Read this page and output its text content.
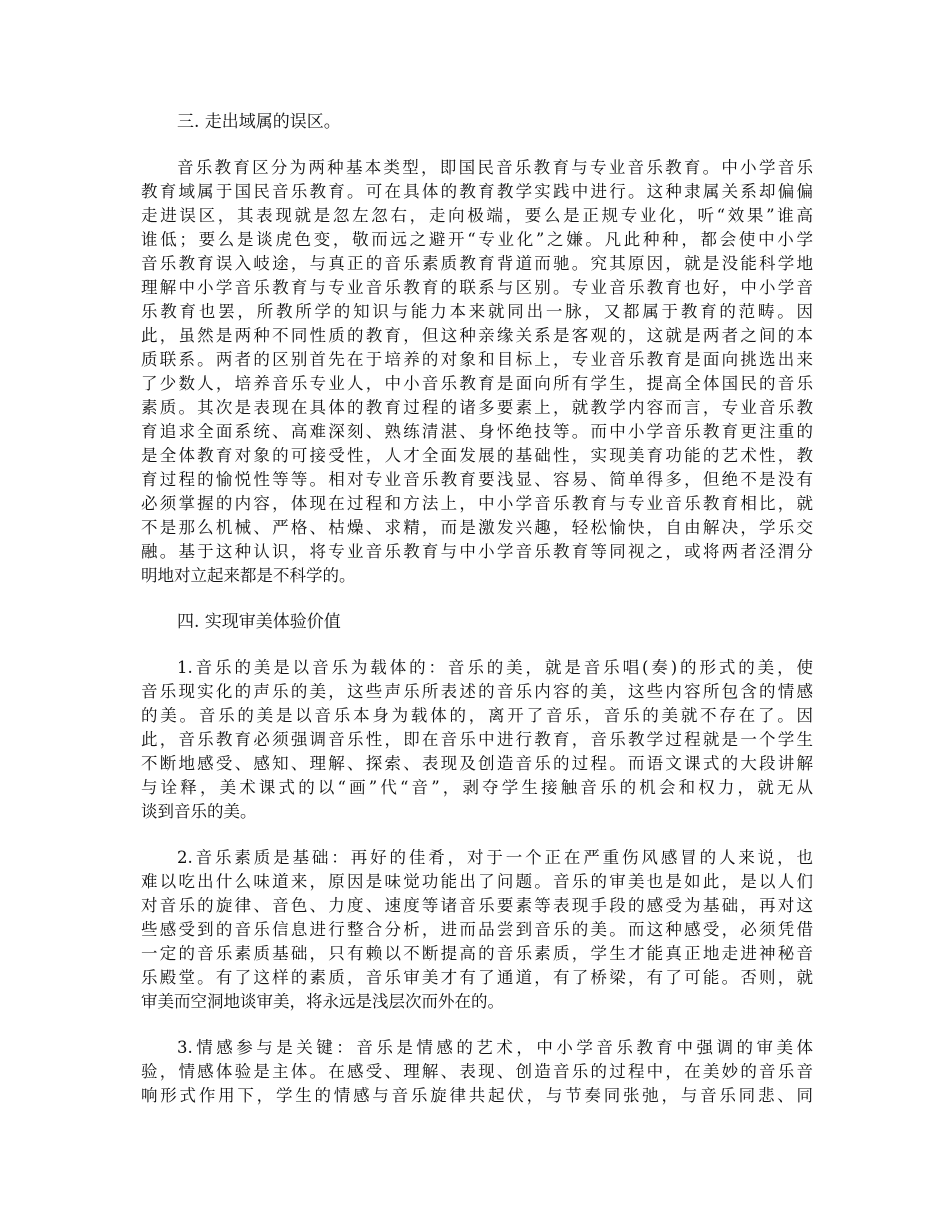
三. 走出域属的误区。

音乐教育区分为两种基本类型，即国民音乐教育与专业音乐教育。中小学音乐
教育域属于国民音乐教育。可在具体的教育教学实践中进行。这种隶属关系却偏偏
走进误区，其表现就是忽左忽右，走向极端，要么是正规专业化，听“效果”谁高
谁低；要么是谈虎色变，敬而远之避开“专业化”之嫌。凡此种种，都会使中小学
音乐教育误入岐途，与真正的音乐素质教育背道而驰。究其原因，就是没能科学地
理解中小学音乐教育与专业音乐教育的联系与区别。专业音乐教育也好，中小学音
乐教育也罢，所教所学的知识与能力本来就同出一脉，又都属于教育的范畴。因
此，虽然是两种不同性质的教育，但这种亲缘关系是客观的，这就是两者之间的本
质联系。两者的区别首先在于培养的对象和目标上，专业音乐教育是面向挑选出来
了少数人，培养音乐专业人，中小音乐教育是面向所有学生，提高全体国民的音乐
素质。其次是表现在具体的教育过程的诸多要素上，就教学内容而言，专业音乐教
育追求全面系统、高难深刻、熟练清湛、身怀绝技等。而中小学音乐教育更注重的
是全体教育对象的可接受性，人才全面发展的基础性，实现美育功能的艺术性，教
育过程的愉悦性等等。相对专业音乐教育要浅显、容易、简单得多，但绝不是没有
必须掌握的内容，体现在过程和方法上，中小学音乐教育与专业音乐教育相比，就
不是那么机械、严格、枯燥、求精，而是激发兴趣，轻松愉快，自由解决，学乐交
融。基于这种认识，将专业音乐教育与中小学音乐教育等同视之，或将两者泾渭分
明地对立起来都是不科学的。

四. 实现审美体验价值

1.音乐的美是以音乐为载体的：音乐的美，就是音乐唱(奏)的形式的美，使
音乐现实化的声乐的美，这些声乐所表述的音乐内容的美，这些内容所包含的情感
的美。音乐的美是以音乐本身为载体的，离开了音乐，音乐的美就不存在了。因
此，音乐教育必须强调音乐性，即在音乐中进行教育，音乐教学过程就是一个学生
不断地感受、感知、理解、探索、表现及创造音乐的过程。而语文课式的大段讲解
与诠释，美术课式的以“画”代“音”，剥夺学生接触音乐的机会和权力，就无从
谈到音乐的美。

2.音乐素质是基础：再好的佳肴，对于一个正在严重伤风感冒的人来说，也
难以吃出什么味道来，原因是味觉功能出了问题。音乐的审美也是如此，是以人们
对音乐的旋律、音色、力度、速度等诸音乐要素等表现手段的感受为基础，再对这
些感受到的音乐信息进行整合分析，进而品尝到音乐的美。而这种感受，必须凭借
一定的音乐素质基础，只有赖以不断提高的音乐素质，学生才能真正地走进神秘音
乐殿堂。有了这样的素质，音乐审美才有了通道，有了桥梁，有了可能。否则，就
审美而空洞地谈审美，将永远是浅层次而外在的。

3.情感参与是关键：音乐是情感的艺术，中小学音乐教育中强调的审美体
验，情感体验是主体。在感受、理解、表现、创造音乐的过程中，在美妙的音乐音
响形式作用下，学生的情感与音乐旋律共起伏，与节奏同张弛，与音乐同悲、同
